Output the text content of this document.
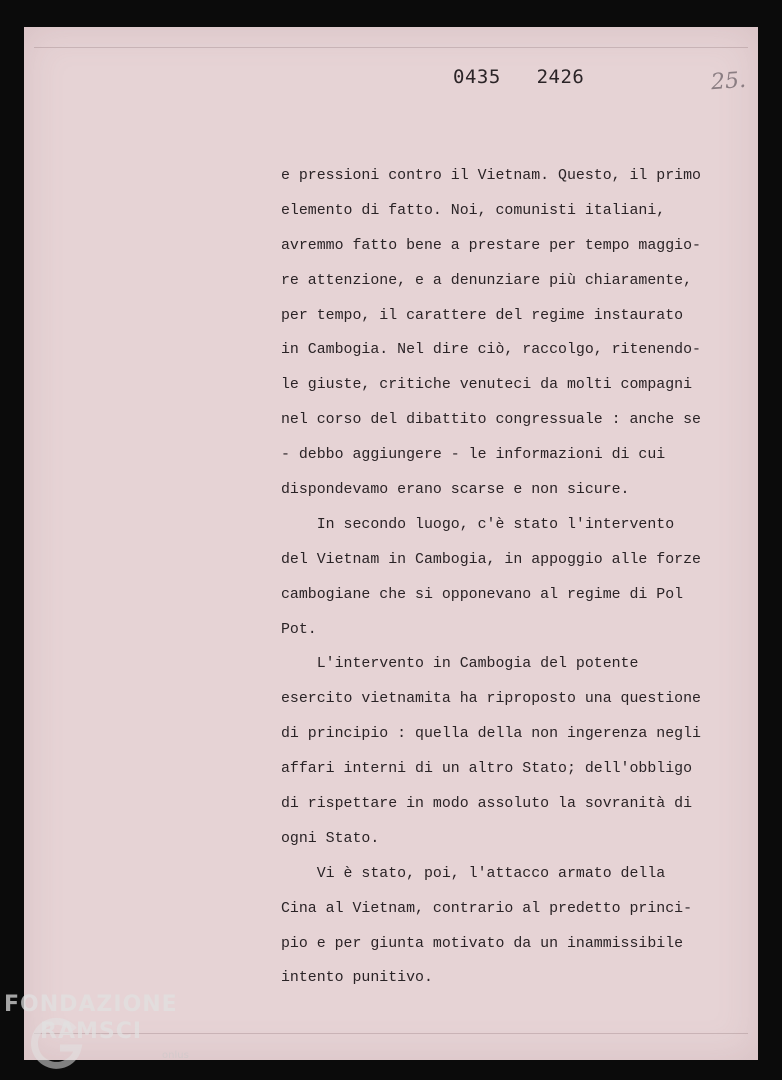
0435   2426	25.
e pressioni contro il Vietnam. Questo, il primo
elemento di fatto. Noi, comunisti italiani,
avremmo fatto bene a prestare per tempo maggio-
re attenzione, e a denunziare più chiaramente,
per tempo, il carattere del regime instaurato
in Cambogia. Nel dire ciò, raccolgo, ritenendo-
le giuste, critiche venuteci da molti compagni
nel corso del dibattito congressuale : anche se
- debbo aggiungere - le informazioni di cui
dispondevamo erano scarse e non sicure.
In secondo luogo, c'è stato l'intervento
del Vietnam in Cambogia, in appoggio alle forze
cambogiane che si opponevano al regime di Pol
Pot.
L'intervento in Cambogia del potente
esercito vietnamita ha riproposto una questione
di principio : quella della non ingerenza negli
affari interni di un altro Stato; dell'obbligo
di rispettare in modo assoluto la sovranità di
ogni Stato.
Vi è stato, poi, l'attacco armato della
Cina al Vietnam, contrario al predetto princi-
pio e per giunta motivato da un inammissibile
intento punitivo.
FONDAZIONE
RAMSCI
onlus
